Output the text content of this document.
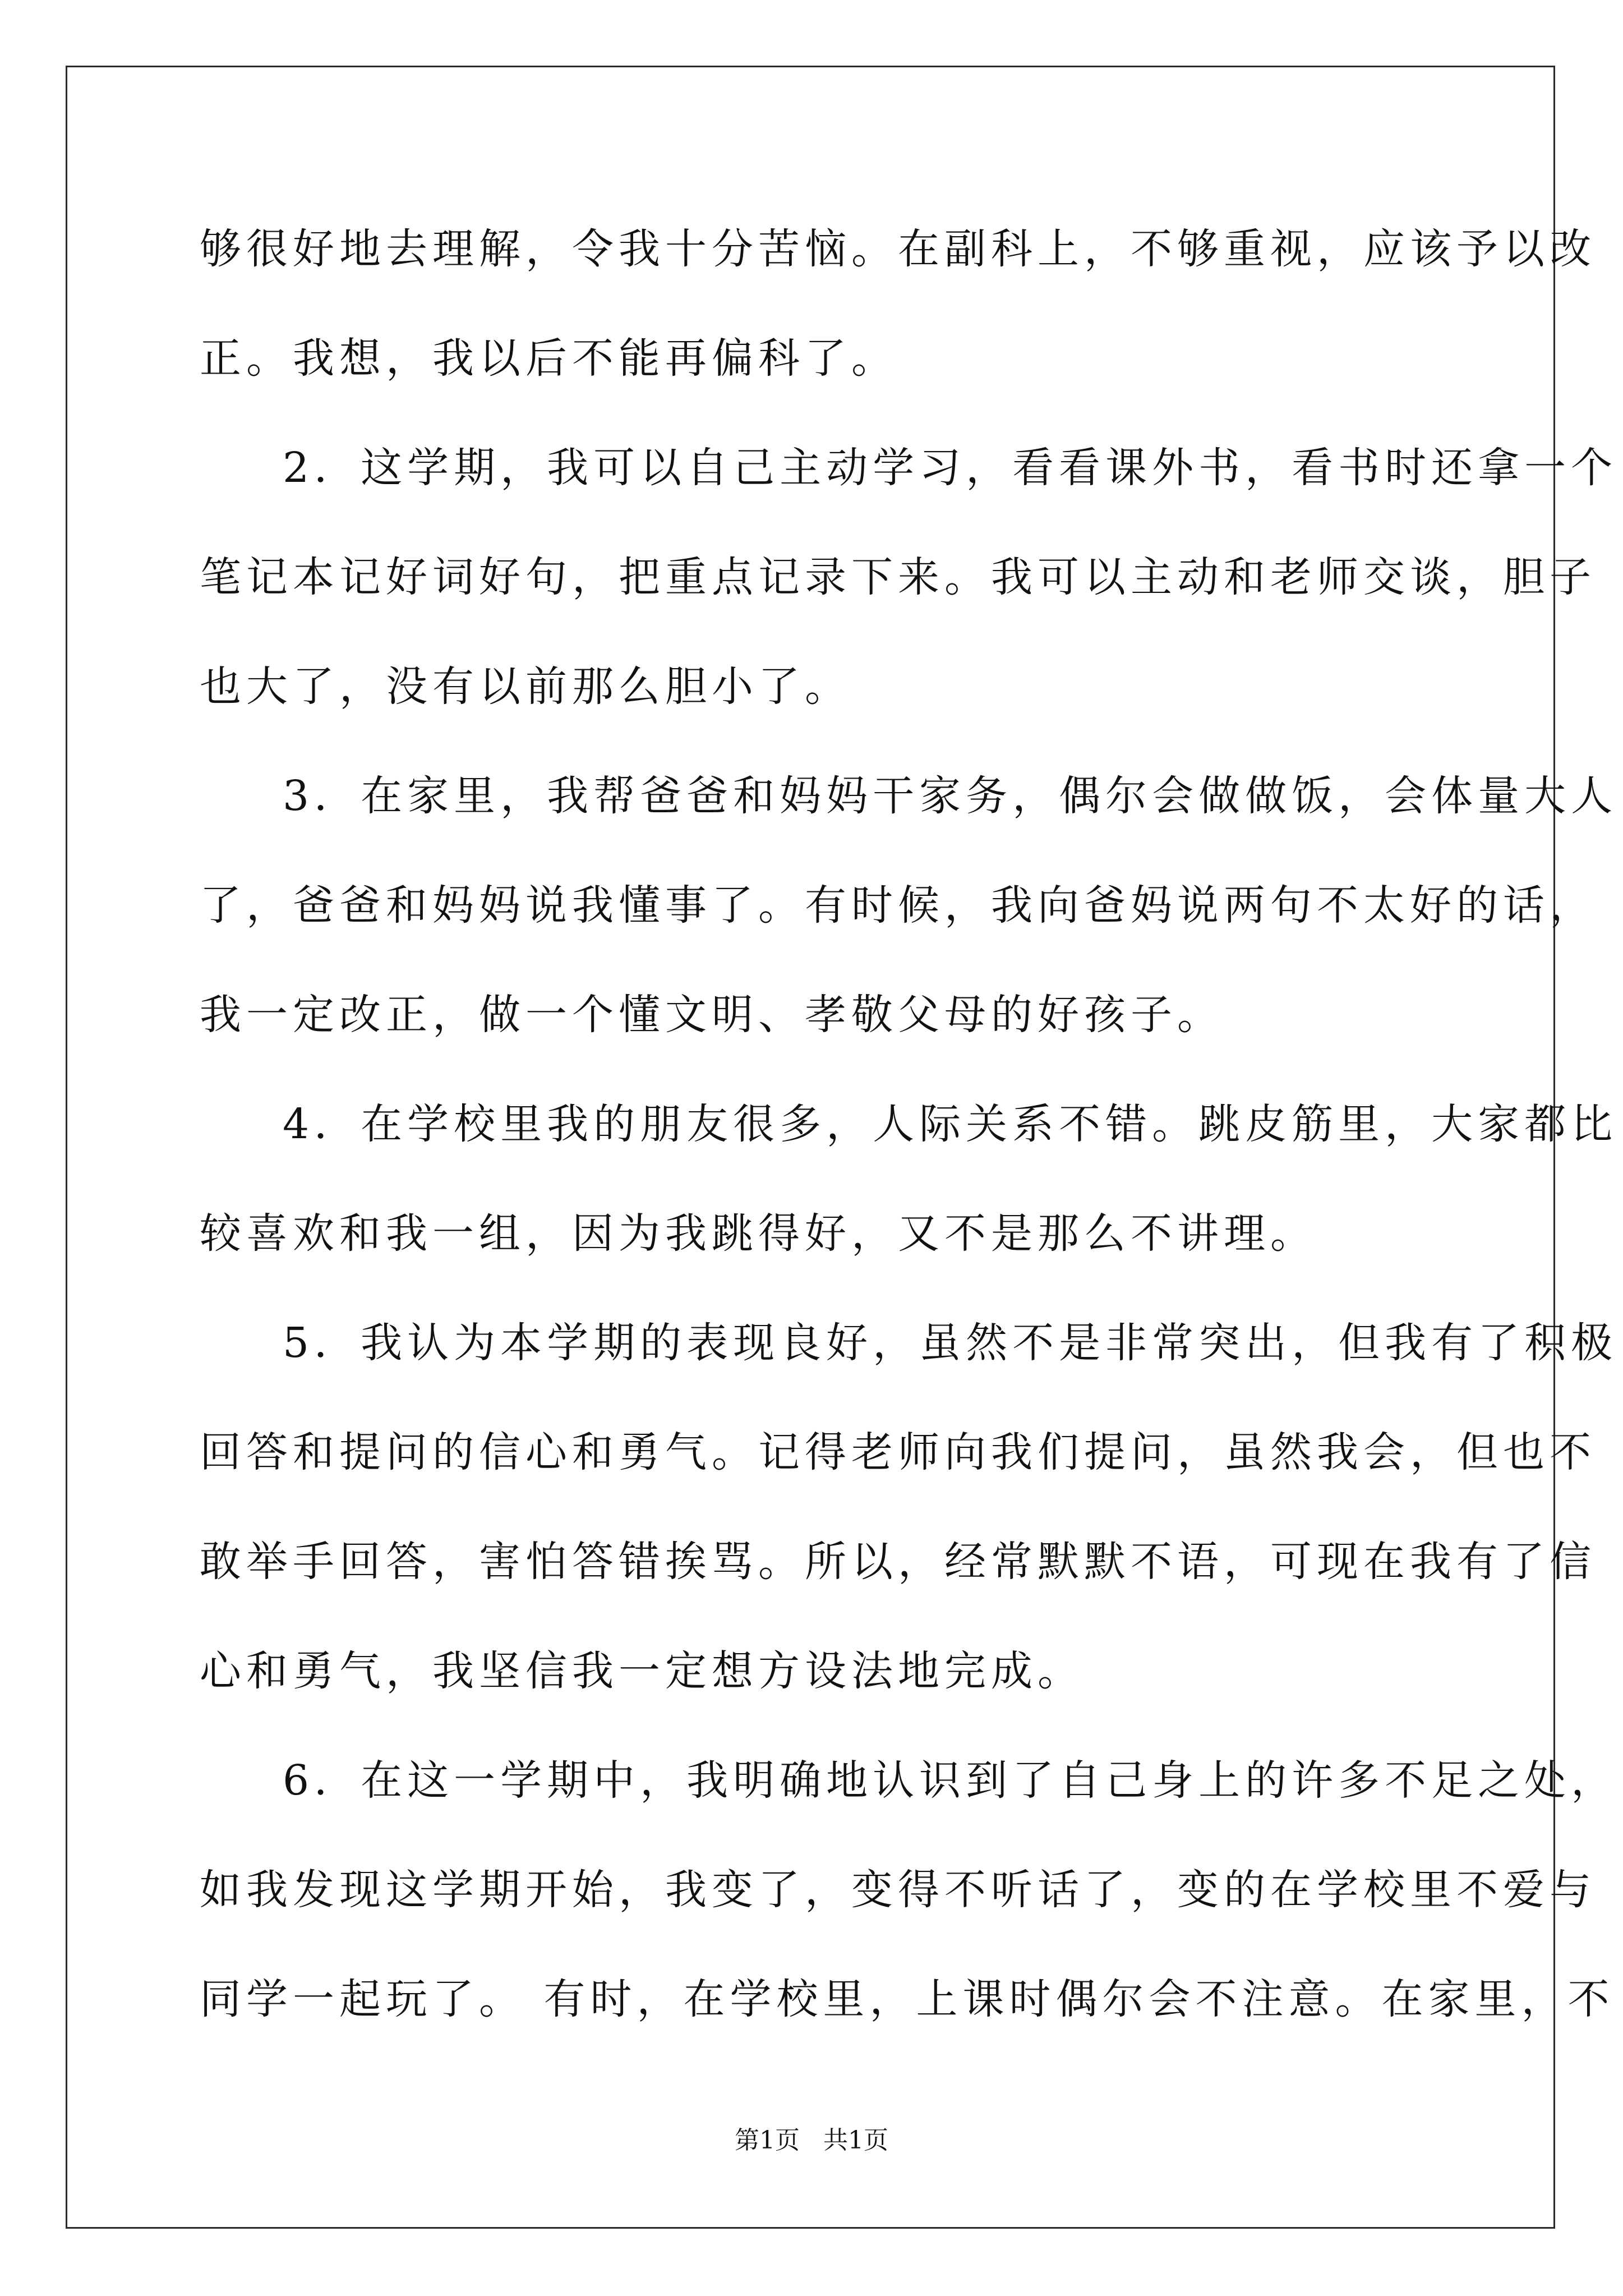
够很好地去理解，令我十分苦恼。在副科上，不够重视，应该予以改
正。我想，我以后不能再偏科了。
2．这学期，我可以自己主动学习，看看课外书，看书时还拿一个
笔记本记好词好句，把重点记录下来。我可以主动和老师交谈，胆子
也大了，没有以前那么胆小了。
3．在家里，我帮爸爸和妈妈干家务，偶尔会做做饭，会体量大人
了，爸爸和妈妈说我懂事了。有时候，我向爸妈说两句不太好的话，
我一定改正，做一个懂文明、孝敬父母的好孩子。
4．在学校里我的朋友很多，人际关系不错。跳皮筋里，大家都比
较喜欢和我一组，因为我跳得好，又不是那么不讲理。
5．我认为本学期的表现良好，虽然不是非常突出，但我有了积极
回答和提问的信心和勇气。记得老师向我们提问，虽然我会，但也不
敢举手回答，害怕答错挨骂。所以，经常默默不语，可现在我有了信
心和勇气，我坚信我一定想方设法地完成。
6．在这一学期中，我明确地认识到了自己身上的许多不足之处，
如我发现这学期开始，我变了，变得不听话了，变的在学校里不爱与
同学一起玩了。 有时，在学校里，上课时偶尔会不注意。在家里，不
第1页   共1页
